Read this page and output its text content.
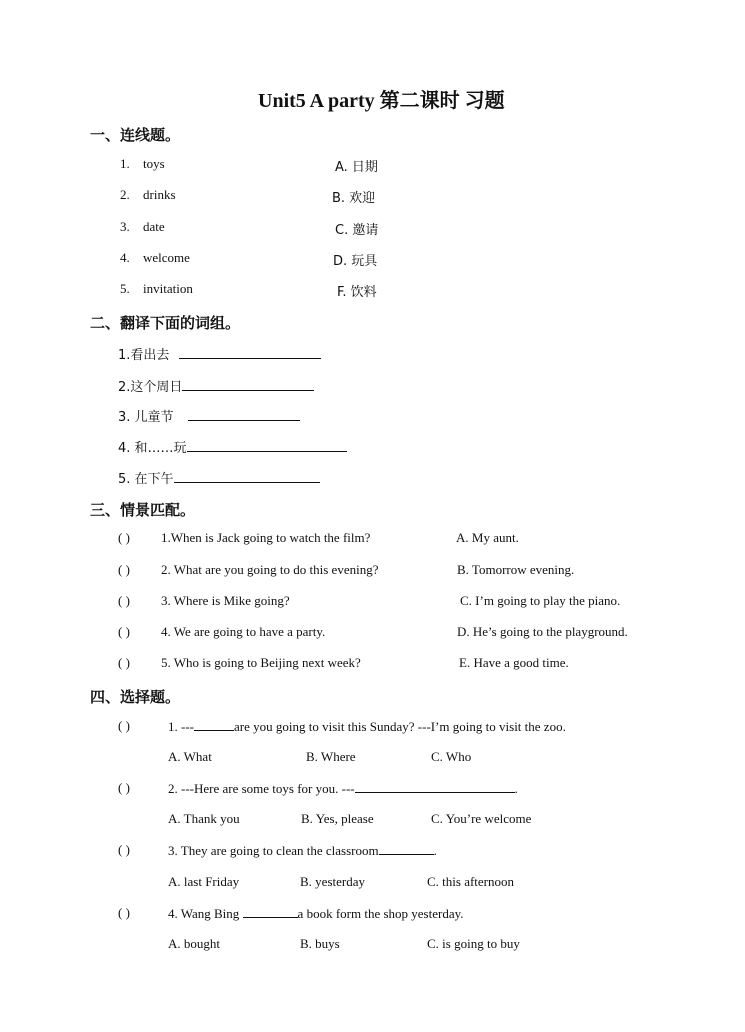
Unit5 A party 第二课时 习题
一、连线题。
1. toys	A. 日期
2. drinks	B. 欢迎
3. date	C. 邀请
4. welcome	D. 玩具
5. invitation	F. 饮料
二、翻译下面的词组。
1.看出去
2.这个周日
3. 儿童节
4. 和……玩
5. 在下午
三、情景匹配。
( ) 1.When is Jack going to watch the film?	A. My aunt.
( ) 2. What are you going to do this evening?	B. Tomorrow evening.
( ) 3. Where is Mike going?	C. I’m going to play the piano.
( ) 4. We are going to have a party.	D. He’s going to the playground.
( ) 5. Who is going to Beijing next week?	E. Have a good time.
四、选择题。
( )	1. ---	are you going to visit this Sunday? ---I’m going to visit the zoo.
A. What	B. Where	C. Who
( )	2. ---Here are some toys for you. ---	.
A. Thank you	B. Yes, please	C. You’re welcome
( )	3. They are going to clean the classroom	.
A. last Friday	B. yesterday	C. this afternoon
( )	4. Wang Bing	a book form the shop yesterday.
A. bought	B. buys	C. is going to buy
